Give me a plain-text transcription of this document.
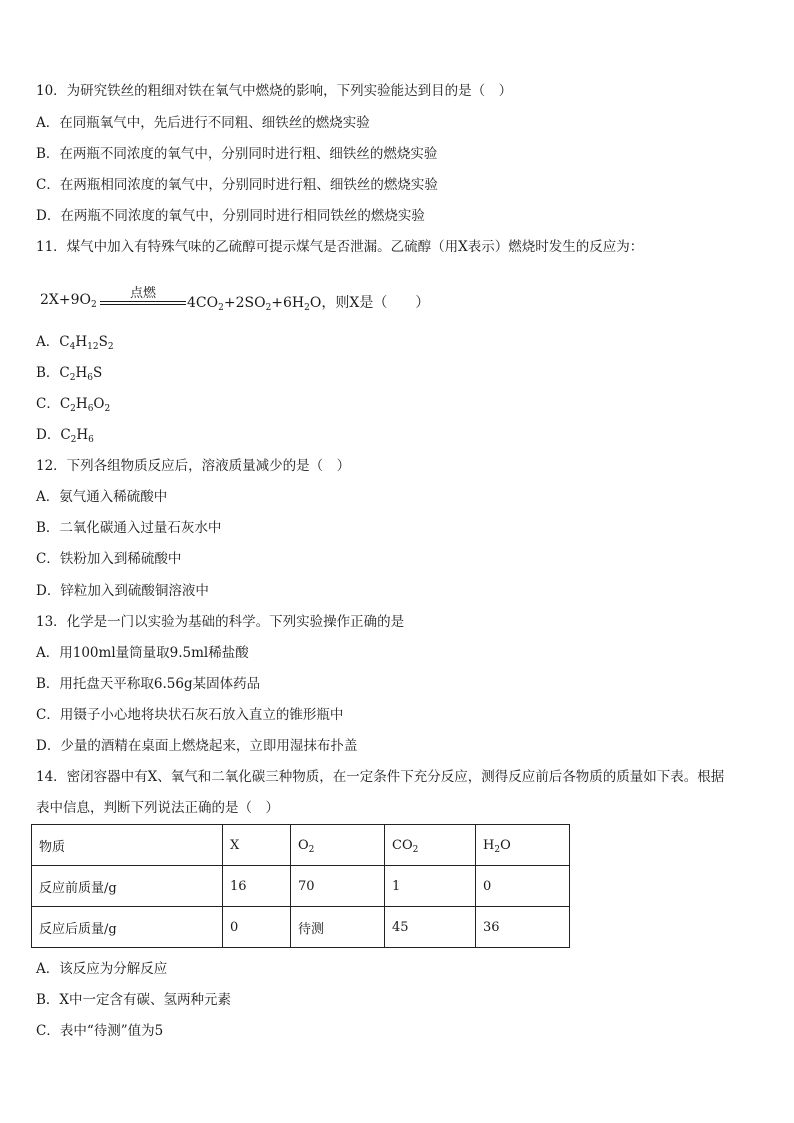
10．为研究铁丝的粗细对铁在氧气中燃烧的影响，下列实验能达到目的是（　）
A．在同瓶氧气中，先后进行不同粗、细铁丝的燃烧实验
B．在两瓶不同浓度的氧气中，分别同时进行粗、细铁丝的燃烧实验
C．在两瓶相同浓度的氧气中，分别同时进行粗、细铁丝的燃烧实验
D．在两瓶不同浓度的氧气中，分别同时进行相同铁丝的燃烧实验
11．煤气中加入有特殊气味的乙硫醇可提示煤气是否泄漏。乙硫醇（用X表示）燃烧时发生的反应为：
$2X+9O_2$
点燃
$4CO_2+2SO_2+6H_2O$，则X是（　　）
A．$C_4H_{12}S_2$
B．$C_2H_6S$
C．$C_2H_6O_2$
D．$C_2H_6$
12．下列各组物质反应后，溶液质量减少的是（　）
A．氨气通入稀硫酸中
B．二氧化碳通入过量石灰水中
C．铁粉加入到稀硫酸中
D．锌粒加入到硫酸铜溶液中
13．化学是一门以实验为基础的科学。下列实验操作正确的是
A．用100ml量筒量取9.5ml稀盐酸
B．用托盘天平称取6.56g某固体药品
C．用镊子小心地将块状石灰石放入直立的锥形瓶中
D．少量的酒精在桌面上燃烧起来，立即用湿抹布扑盖
14．密闭容器中有X、氧气和二氧化碳三种物质，在一定条件下充分反应，测得反应前后各物质的质量如下表。根据
表中信息，判断下列说法正确的是（　）
物质	X	$O_2$	$CO_2$	$H_2O$
反应前质量/g	16	70	1	0
反应后质量/g	0	待测	45	36
A．该反应为分解反应
B．X中一定含有碳、氢两种元素
C．表中“待测”值为5
